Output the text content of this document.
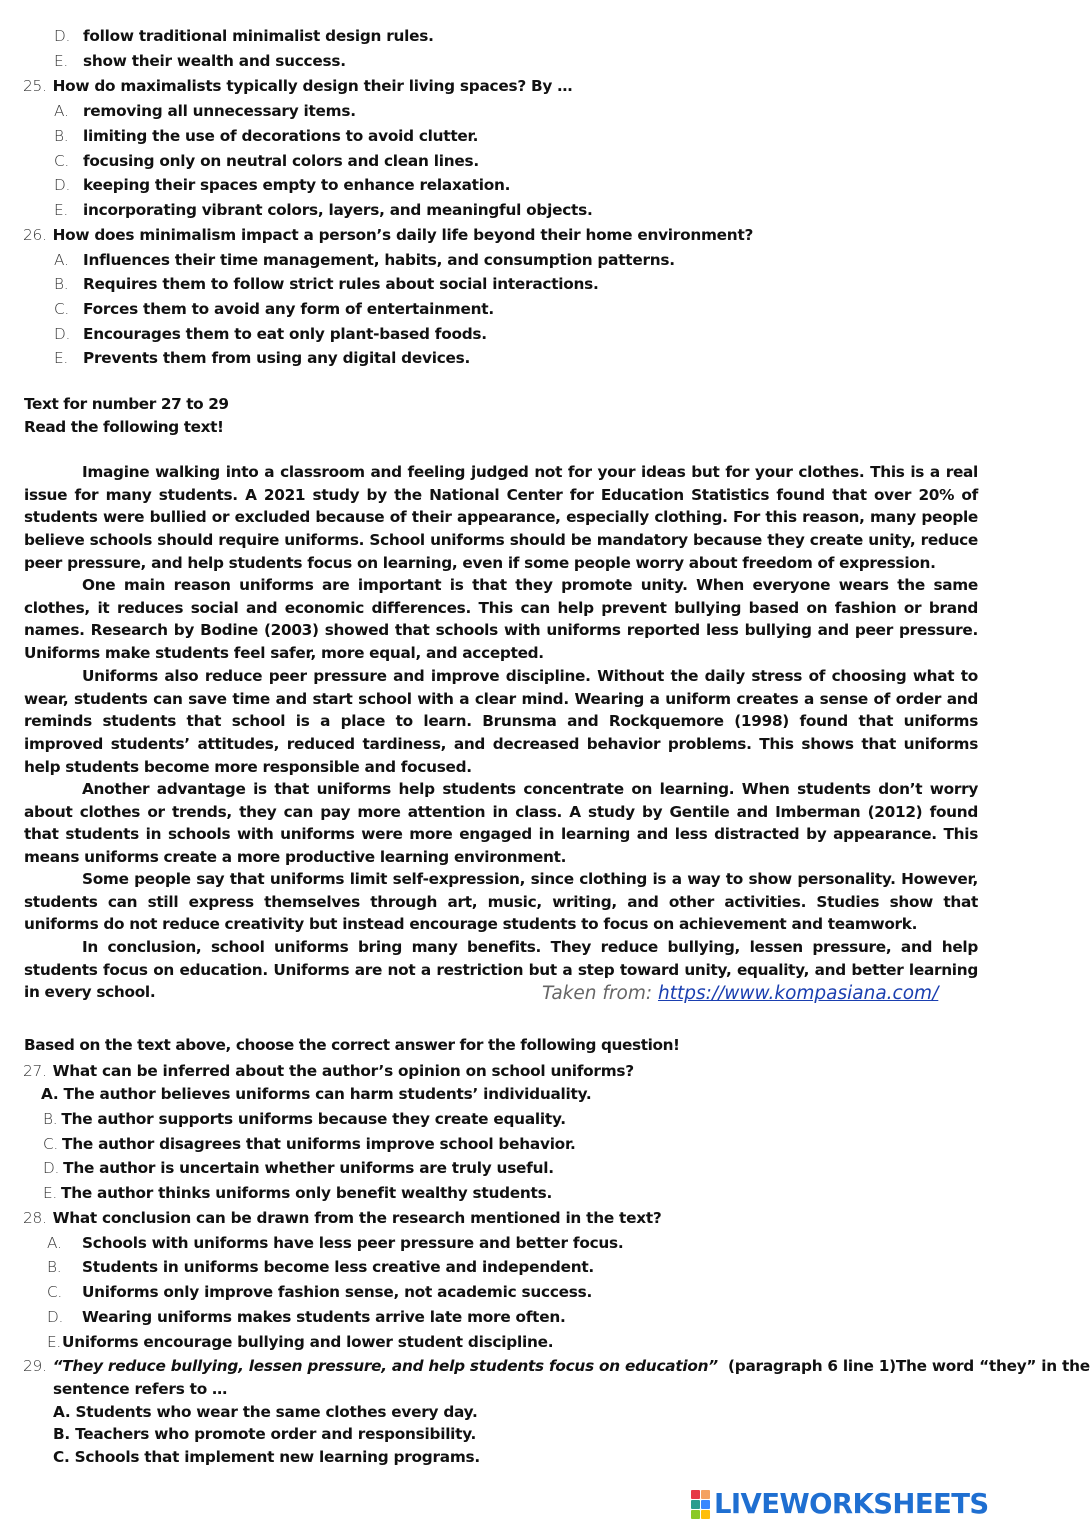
D. follow traditional minimalist design rules.

E. show their wealth and success.

25. How do maximalists typically design their living spaces? By …

A. removing all unnecessary items.

B. limiting the use of decorations to avoid clutter.

C. focusing only on neutral colors and clean lines.

D. keeping their spaces empty to enhance relaxation.

E. incorporating vibrant colors, layers, and meaningful objects.

26. How does minimalism impact a person’s daily life beyond their home environment?

A. Influences their time management, habits, and consumption patterns.

B. Requires them to follow strict rules about social interactions.

C. Forces them to avoid any form of entertainment.

D. Encourages them to eat only plant-based foods.

E. Prevents them from using any digital devices.

Text for number 27 to 29

Read the following text!

Imagine walking into a classroom and feeling judged not for your ideas but for your clothes. This is a real issue for many students. A 2021 study by the National Center for Education Statistics found that over 20% of students were bullied or excluded because of their appearance, especially clothing. For this reason, many people believe schools should require uniforms. School uniforms should be mandatory because they create unity, reduce peer pressure, and help students focus on learning, even if some people worry about freedom of expression.

One main reason uniforms are important is that they promote unity. When everyone wears the same clothes, it reduces social and economic differences. This can help prevent bullying based on fashion or brand names. Research by Bodine (2003) showed that schools with uniforms reported less bullying and peer pressure. Uniforms make students feel safer, more equal, and accepted.

Uniforms also reduce peer pressure and improve discipline. Without the daily stress of choosing what to wear, students can save time and start school with a clear mind. Wearing a uniform creates a sense of order and reminds students that school is a place to learn. Brunsma and Rockquemore (1998) found that uniforms improved students’ attitudes, reduced tardiness, and decreased behavior problems. This shows that uniforms help students become more responsible and focused.

Another advantage is that uniforms help students concentrate on learning. When students don’t worry about clothes or trends, they can pay more attention in class. A study by Gentile and Imberman (2012) found that students in schools with uniforms were more engaged in learning and less distracted by appearance. This means uniforms create a more productive learning environment.

Some people say that uniforms limit self-expression, since clothing is a way to show personality. However, students can still express themselves through art, music, writing, and other activities. Studies show that uniforms do not reduce creativity but instead encourage students to focus on achievement and teamwork.

In conclusion, school uniforms bring many benefits. They reduce bullying, lessen pressure, and help students focus on education. Uniforms are not a restriction but a step toward unity, equality, and better learning in every school.	Taken from: https://www.kompasiana.com/

Based on the text above, choose the correct answer for the following question!

27. What can be inferred about the author’s opinion on school uniforms?

A. The author believes uniforms can harm students’ individuality.

B. The author supports uniforms because they create equality.

C. The author disagrees that uniforms improve school behavior.

D. The author is uncertain whether uniforms are truly useful.

E. The author thinks uniforms only benefit wealthy students.

28. What conclusion can be drawn from the research mentioned in the text?

A. Schools with uniforms have less peer pressure and better focus.

B. Students in uniforms become less creative and independent.

C. Uniforms only improve fashion sense, not academic success.

D. Wearing uniforms makes students arrive late more often.

E.Uniforms encourage bullying and lower student discipline.

29. “They reduce bullying, lessen pressure, and help students focus on education” (paragraph 6 line 1)The word “they” in the

sentence refers to …

A. Students who wear the same clothes every day.

B. Teachers who promote order and responsibility.

C. Schools that implement new learning programs.

LIVEWORKSHEETS
